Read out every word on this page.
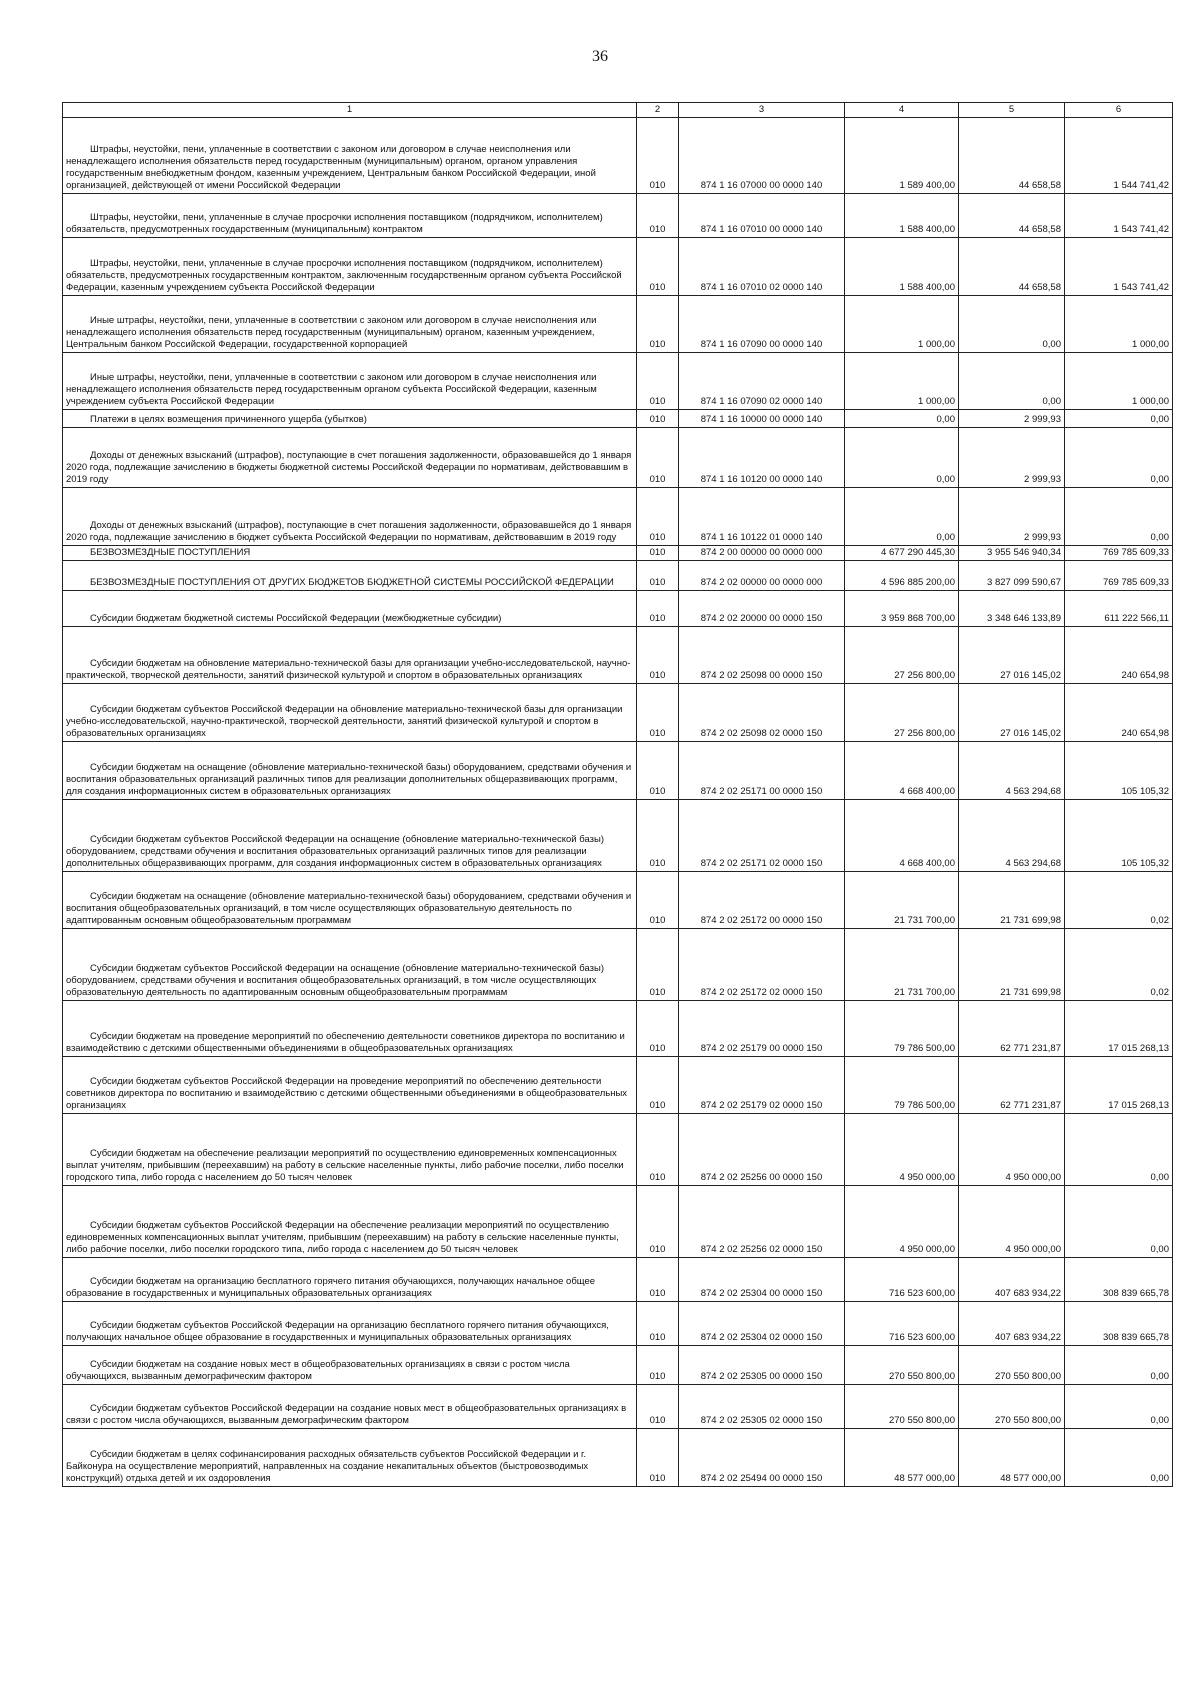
36
1	2	3	4	5	6

Штрафы, неустойки, пени, уплаченные в соответствии с законом или договором в случае неисполнения или ненадлежащего исполнения обязательств перед государственным (муниципальным) органом, органом управления государственным внебюджетным фондом, казенным учреждением, Центральным банком Российской Федерации, иной организацией, действующей от имени Российской Федерации	010	874 1 16 07000 00 0000 140	1 589 400,00	44 658,58	1 544 741,42

Штрафы, неустойки, пени, уплаченные в случае просрочки исполнения поставщиком (подрядчиком, исполнителем) обязательств, предусмотренных государственным (муниципальным) контрактом	010	874 1 16 07010 00 0000 140	1 588 400,00	44 658,58	1 543 741,42

Штрафы, неустойки, пени, уплаченные в случае просрочки исполнения поставщиком (подрядчиком, исполнителем) обязательств, предусмотренных государственным контрактом, заключенным государственным органом субъекта Российской Федерации, казенным учреждением субъекта Российской Федерации	010	874 1 16 07010 02 0000 140	1 588 400,00	44 658,58	1 543 741,42

Иные штрафы, неустойки, пени, уплаченные в соответствии с законом или договором в случае неисполнения или ненадлежащего исполнения обязательств перед государственным (муниципальным) органом, казенным учреждением, Центральным банком Российской Федерации, государственной корпорацией	010	874 1 16 07090 00 0000 140	1 000,00	0,00	1 000,00

Иные штрафы, неустойки, пени, уплаченные в соответствии с законом или договором в случае неисполнения или ненадлежащего исполнения обязательств перед государственным органом субъекта Российской Федерации, казенным учреждением субъекта Российской Федерации	010	874 1 16 07090 02 0000 140	1 000,00	0,00	1 000,00

Платежи в целях возмещения причиненного ущерба (убытков)	010	874 1 16 10000 00 0000 140	0,00	2 999,93	0,00

Доходы от денежных взысканий (штрафов), поступающие в счет погашения задолженности, образовавшейся до 1 января 2020 года, подлежащие зачислению в бюджеты бюджетной системы Российской Федерации по нормативам, действовавшим в 2019 году	010	874 1 16 10120 00 0000 140	0,00	2 999,93	0,00

Доходы от денежных взысканий (штрафов), поступающие в счет погашения задолженности, образовавшейся до 1 января 2020 года, подлежащие зачислению в бюджет субъекта Российской Федерации по нормативам, действовавшим в 2019 году	010	874 1 16 10122 01 0000 140	0,00	2 999,93	0,00

БЕЗВОЗМЕЗДНЫЕ ПОСТУПЛЕНИЯ	010	874 2 00 00000 00 0000 000	4 677 290 445,30	3 955 546 940,34	769 785 609,33

БЕЗВОЗМЕЗДНЫЕ ПОСТУПЛЕНИЯ ОТ ДРУГИХ БЮДЖЕТОВ БЮДЖЕТНОЙ СИСТЕМЫ РОССИЙСКОЙ ФЕДЕРАЦИИ	010	874 2 02 00000 00 0000 000	4 596 885 200,00	3 827 099 590,67	769 785 609,33

Субсидии бюджетам бюджетной системы Российской Федерации (межбюджетные субсидии)	010	874 2 02 20000 00 0000 150	3 959 868 700,00	3 348 646 133,89	611 222 566,11

Субсидии бюджетам на обновление материально-технической базы для организации учебно-исследовательской, научно-практической, творческой деятельности, занятий физической культурой и спортом в образовательных организациях	010	874 2 02 25098 00 0000 150	27 256 800,00	27 016 145,02	240 654,98

Субсидии бюджетам субъектов Российской Федерации на обновление материально-технической базы для организации учебно-исследовательской, научно-практической, творческой деятельности, занятий физической культурой и спортом в образовательных организациях	010	874 2 02 25098 02 0000 150	27 256 800,00	27 016 145,02	240 654,98

Субсидии бюджетам на оснащение (обновление материально-технической базы) оборудованием, средствами обучения и воспитания образовательных организаций различных типов для реализации дополнительных общеразвивающих программ, для создания информационных систем в образовательных организациях	010	874 2 02 25171 00 0000 150	4 668 400,00	4 563 294,68	105 105,32

Субсидии бюджетам субъектов Российской Федерации на оснащение (обновление материально-технической базы) оборудованием, средствами обучения и воспитания образовательных организаций различных типов для реализации дополнительных общеразвивающих программ, для создания информационных систем в образовательных организациях	010	874 2 02 25171 02 0000 150	4 668 400,00	4 563 294,68	105 105,32

Субсидии бюджетам на оснащение (обновление материально-технической базы) оборудованием, средствами обучения и воспитания общеобразовательных организаций, в том числе осуществляющих образовательную деятельность по адаптированным основным общеобразовательным программам	010	874 2 02 25172 00 0000 150	21 731 700,00	21 731 699,98	0,02

Субсидии бюджетам субъектов Российской Федерации на оснащение (обновление материально-технической базы) оборудованием, средствами обучения и воспитания общеобразовательных организаций, в том числе осуществляющих образовательную деятельность по адаптированным основным общеобразовательным программам	010	874 2 02 25172 02 0000 150	21 731 700,00	21 731 699,98	0,02

Субсидии бюджетам на проведение мероприятий по обеспечению деятельности советников директора по воспитанию и взаимодействию с детскими общественными объединениями в общеобразовательных организациях	010	874 2 02 25179 00 0000 150	79 786 500,00	62 771 231,87	17 015 268,13

Субсидии бюджетам субъектов Российской Федерации на проведение мероприятий по обеспечению деятельности советников директора по воспитанию и взаимодействию с детскими общественными объединениями в общеобразовательных организациях	010	874 2 02 25179 02 0000 150	79 786 500,00	62 771 231,87	17 015 268,13

Субсидии бюджетам на обеспечение реализации мероприятий по осуществлению единовременных компенсационных выплат учителям, прибывшим (переехавшим) на работу в сельские населенные пункты, либо рабочие поселки, либо поселки городского типа, либо города с населением до 50 тысяч человек	010	874 2 02 25256 00 0000 150	4 950 000,00	4 950 000,00	0,00

Субсидии бюджетам субъектов Российской Федерации на обеспечение реализации мероприятий по осуществлению единовременных компенсационных выплат учителям, прибывшим (переехавшим) на работу в сельские населенные пункты, либо рабочие поселки, либо поселки городского типа, либо города с населением до 50 тысяч человек	010	874 2 02 25256 02 0000 150	4 950 000,00	4 950 000,00	0,00

Субсидии бюджетам на организацию бесплатного горячего питания обучающихся, получающих начальное общее образование в государственных и муниципальных образовательных организациях	010	874 2 02 25304 00 0000 150	716 523 600,00	407 683 934,22	308 839 665,78

Субсидии бюджетам субъектов Российской Федерации на организацию бесплатного горячего питания обучающихся, получающих начальное общее образование в государственных и муниципальных образовательных организациях	010	874 2 02 25304 02 0000 150	716 523 600,00	407 683 934,22	308 839 665,78

Субсидии бюджетам на создание новых мест в общеобразовательных организациях в связи с ростом числа обучающихся, вызванным демографическим фактором	010	874 2 02 25305 00 0000 150	270 550 800,00	270 550 800,00	0,00

Субсидии бюджетам субъектов Российской Федерации на создание новых мест в общеобразовательных организациях в связи с ростом числа обучающихся, вызванным демографическим фактором	010	874 2 02 25305 02 0000 150	270 550 800,00	270 550 800,00	0,00

Субсидии бюджетам в целях софинансирования расходных обязательств субъектов Российской Федерации и г. Байконура на осуществление мероприятий, направленных на создание некапитальных объектов (быстровозводимых конструкций) отдыха детей и их оздоровления	010	874 2 02 25494 00 0000 150	48 577 000,00	48 577 000,00	0,00
